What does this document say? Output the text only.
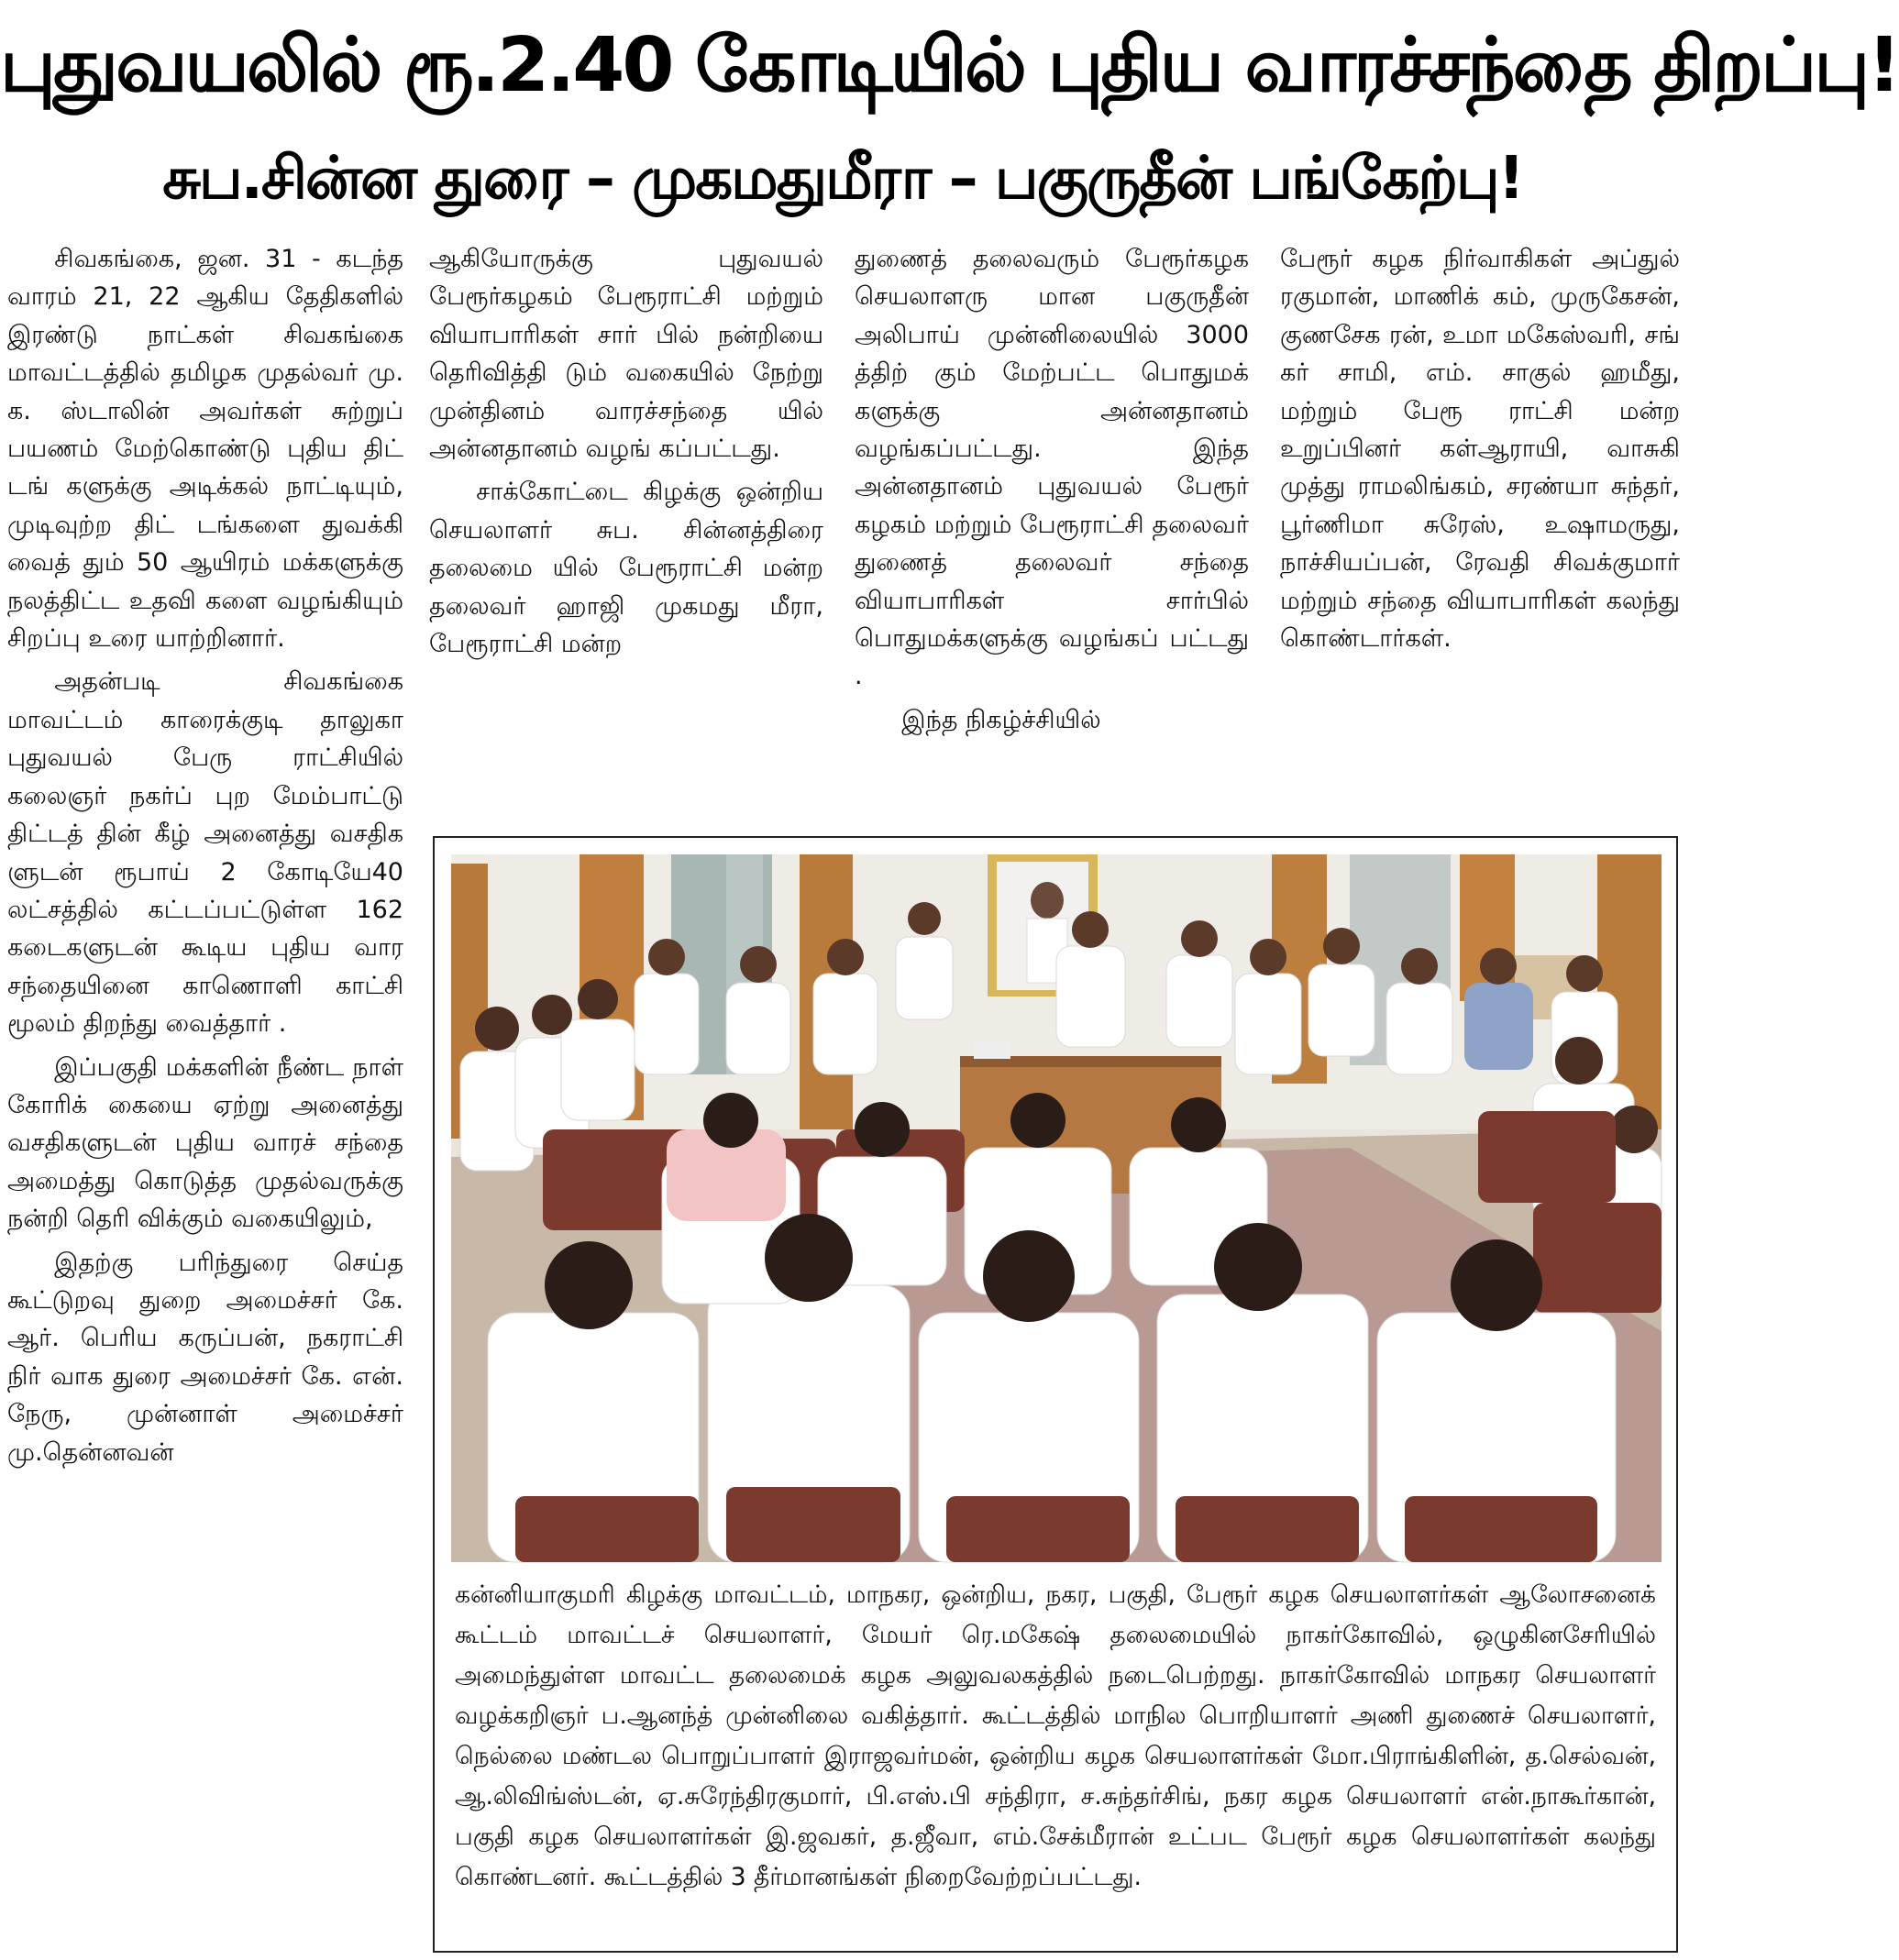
புதுவயலில் ரூ.2.40 கோடியில் புதிய வாரச்சந்தை திறப்பு!
சுப.சின்ன துரை – முகமதுமீரா – பகுருதீன் பங்கேற்பு!

சிவகங்கை, ஜன. 31 - கடந்த வாரம் 21, 22 ஆகிய தேதிகளில் இரண்டு நாட்கள் சிவகங்கை மாவட்டத்தில் தமிழக முதல்வர் மு. க. ஸ்டாலின் அவர்கள் சுற்றுப் பயணம் மேற்கொண்டு புதிய திட் டங் களுக்கு அடிக்கல் நாட்டியும், முடிவுற்ற திட் டங்களை துவக்கி வைத் தும் 50 ஆயிரம் மக்களுக்கு நலத்திட்ட உதவி களை வழங்கியும் சிறப்பு உரை யாற்றினார்.

அதன்படி சிவகங்கை மாவட்டம் காரைக்குடி தாலுகா புதுவயல் பேரு ராட்சியில் கலைஞர் நகர்ப் புற மேம்பாட்டு திட்டத் தின் கீழ் அனைத்து வசதிக ளுடன் ரூபாய் 2 கோடியே40 லட்சத்தில் கட்டப்பட்டுள்ள 162 கடைகளுடன் கூடிய புதிய வார சந்தையினை காணொளி காட்சி மூலம் திறந்து வைத்தார் .

இப்பகுதி மக்களின் நீண்ட நாள் கோரிக் கையை ஏற்று அனைத்து வசதிகளுடன் புதிய வாரச் சந்தை அமைத்து கொடுத்த முதல்வருக்கு நன்றி தெரி விக்கும் வகையிலும்,

இதற்கு பரிந்துரை செய்த கூட்டுறவு துறை அமைச்சர் கே. ஆர். பெரிய கருப்பன், நகராட்சி நிர் வாக துரை அமைச்சர் கே. என். நேரு, முன்னாள் அமைச்சர் மு.தென்னவன்

ஆகியோருக்கு புதுவயல் பேரூர்கழகம் பேரூராட்சி மற்றும் வியாபாரிகள் சார் பில் நன்றியை தெரிவித்தி டும் வகையில் நேற்று முன்தினம் வாரச்சந்தை யில் அன்னதானம் வழங் கப்பட்டது.

சாக்கோட்டை கிழக்கு ஒன்றிய செயலாளர் சுப. சின்னத்திரை தலைமை யில் பேரூராட்சி மன்ற தலைவர் ஹாஜி முகமது மீரா, பேரூராட்சி மன்ற

துணைத் தலைவரும் பேரூர்கழக செயலாளரு மான பகுருதீன் அலிபாய் முன்னிலையில் 3000 த்திற் கும் மேற்பட்ட பொதுமக் களுக்கு அன்னதானம் வழங்கப்பட்டது. இந்த அன்னதானம் புதுவயல் பேரூர் கழகம் மற்றும் பேரூராட்சி தலைவர் துணைத் தலைவர் சந்தை வியாபாரிகள் சார்பில் பொதுமக்களுக்கு வழங்கப் பட்டது .

இந்த நிகழ்ச்சியில்

பேரூர் கழக நிர்வாகிகள் அப்துல் ரகுமான், மாணிக் கம், முருகேசன், குணசேக ரன், உமா மகேஸ்வரி, சங் கர் சாமி, எம். சாகுல் ஹமீது, மற்றும் பேரூ ராட்சி மன்ற உறுப்பினர் கள்ஆராயி, வாசுகி முத்து ராமலிங்கம், சரண்யா சுந்தர், பூர்ணிமா சுரேஸ், உஷாமருது, நாச்சியப்பன், ரேவதி சிவக்குமார் மற்றும் சந்தை வியாபாரிகள் கலந்து கொண்டார்கள்.

கன்னியாகுமரி கிழக்கு மாவட்டம், மாநகர, ஒன்றிய, நகர, பகுதி, பேரூர் கழக செயலாளர்கள் ஆலோசனைக் கூட்டம் மாவட்டச் செயலாளர், மேயர் ரெ.மகேஷ் தலைமையில் நாகர்கோவில், ஒழுகினசேரியில் அமைந்துள்ள மாவட்ட தலைமைக் கழக அலுவலகத்தில் நடைபெற்றது. நாகர்கோவில் மாநகர செயலாளர் வழக்கறிஞர் ப.ஆனந்த் முன்னிலை வகித்தார். கூட்டத்தில் மாநில பொறியாளர் அணி துணைச் செயலாளர், நெல்லை மண்டல பொறுப்பாளர் இராஜவர்மன், ஒன்றிய கழக செயலாளர்கள் மோ.பிராங்கிளின், த.செல்வன், ஆ.லிவிங்ஸ்டன், ஏ.சுரேந்திரகுமார், பி.எஸ்.பி சந்திரா, ச.சுந்தர்சிங், நகர கழக செயலாளர் என்.நாகூர்கான், பகுதி கழக செயலாளர்கள் இ.ஜவகர், த.ஜீவா, எம்.சேக்மீரான் உட்பட பேரூர் கழக செயலாளர்கள் கலந்து கொண்டனர். கூட்டத்தில் 3 தீர்மானங்கள் நிறைவேற்றப்பட்டது.
